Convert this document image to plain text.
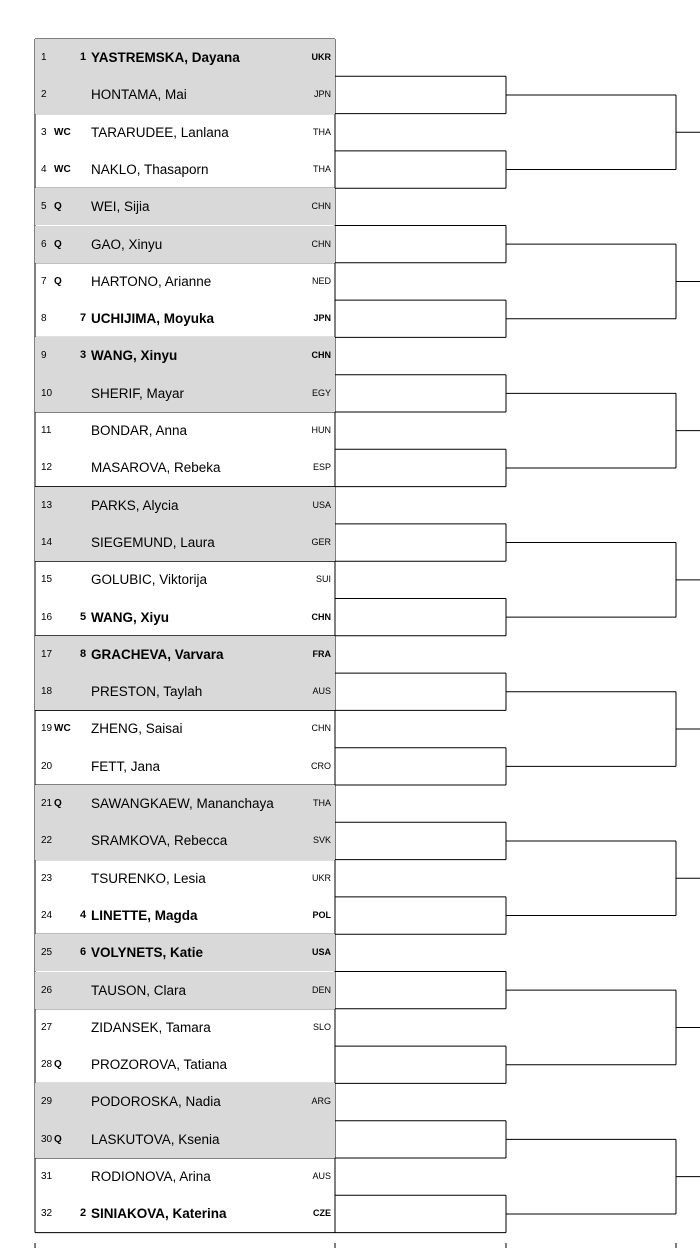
1	1 YASTREMSKA, Dayana	UKR
2	HONTAMA, Mai	JPN
3 WC TARARUDEE, Lanlana	THA
4 WC NAKLO, Thasaporn	THA
5 Q WEI, Sijia	CHN
6 Q GAO, Xinyu	CHN
7 Q HARTONO, Arianne	NED
8	7 UCHIJIMA, Moyuka	JPN
9	3 WANG, Xinyu	CHN
10	SHERIF, Mayar	EGY
11	BONDAR, Anna	HUN
12	MASAROVA, Rebeka	ESP
13	PARKS, Alycia	USA
14	SIEGEMUND, Laura	GER
15	GOLUBIC, Viktorija	SUI
16	5 WANG, Xiyu	CHN
17	8 GRACHEVA, Varvara	FRA
18	PRESTON, Taylah	AUS
19 WC ZHENG, Saisai	CHN
20	FETT, Jana	CRO
21 Q SAWANGKAEW, Mananchaya	THA
22	SRAMKOVA, Rebecca	SVK
23	TSURENKO, Lesia	UKR
24	4 LINETTE, Magda	POL
25	6 VOLYNETS, Katie	USA
26	TAUSON, Clara	DEN
27	ZIDANSEK, Tamara	SLO
28 Q PROZOROVA, Tatiana
29	PODOROSKA, Nadia	ARG
30 Q LASKUTOVA, Ksenia
31	RODIONOVA, Arina	AUS
32	2 SINIAKOVA, Katerina	CZE
